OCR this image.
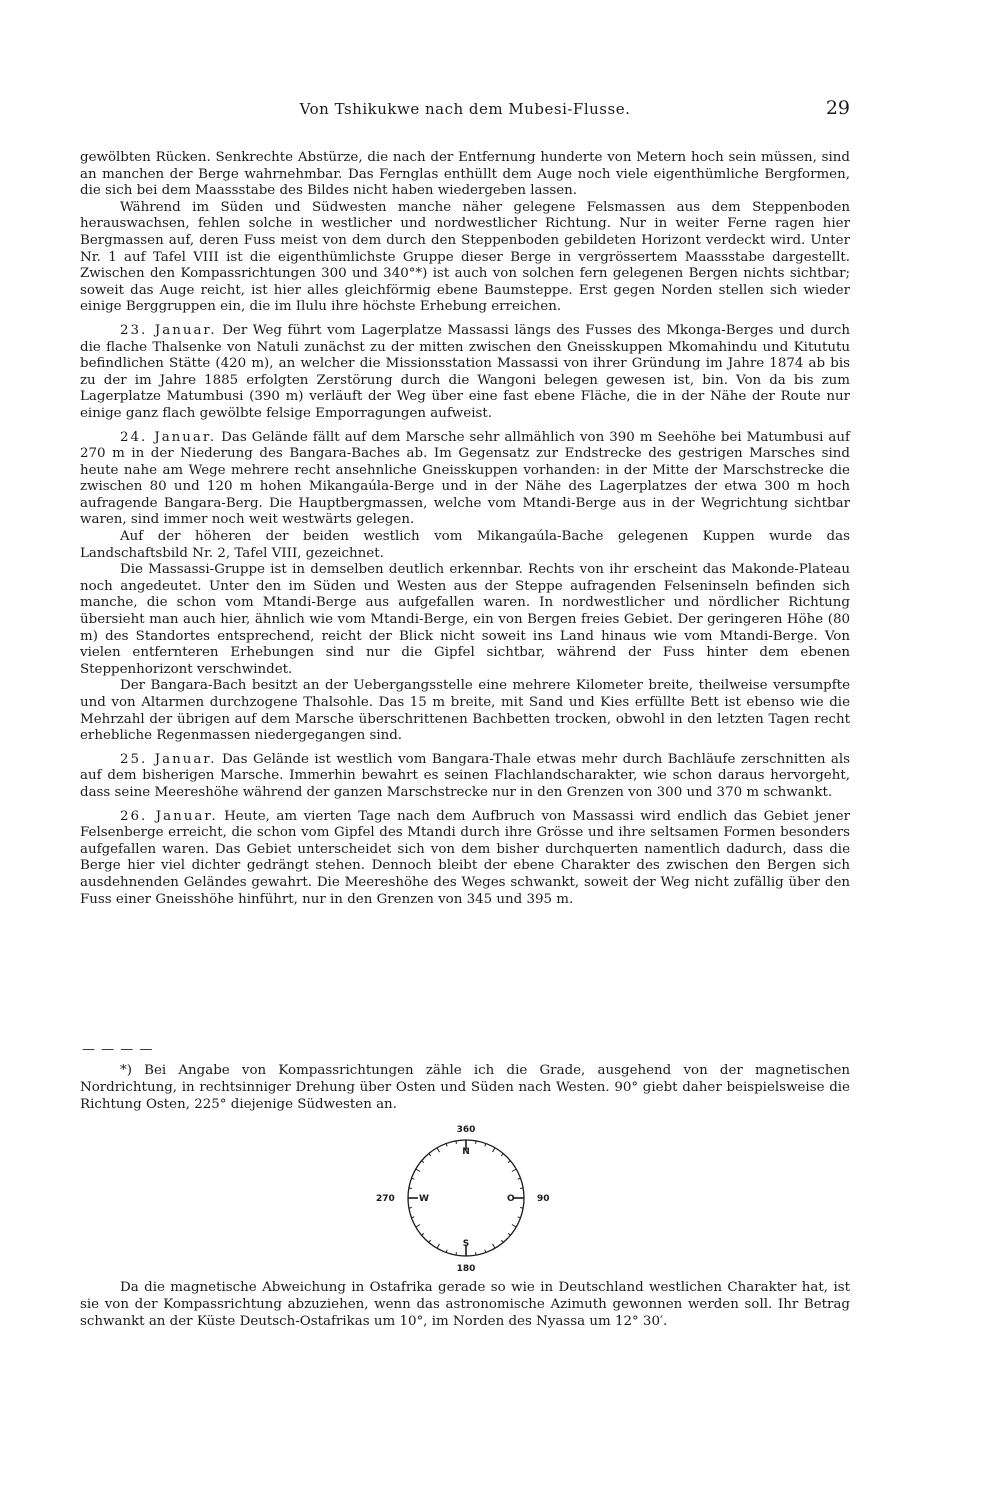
Von Tshikukwe nach dem Mubesi-Flusse.	29

gewölbten Rücken. Senkrechte Abstürze, die nach der Entfernung hunderte von Metern hoch sein müssen, sind an manchen der Berge wahrnehmbar. Das Fernglas enthüllt dem Auge noch viele eigenthümliche Bergformen, die sich bei dem Maassstabe des Bildes nicht haben wiedergeben lassen.

Während im Süden und Südwesten manche näher gelegene Felsmassen aus dem Steppenboden herauswachsen, fehlen solche in westlicher und nordwestlicher Richtung. Nur in weiter Ferne ragen hier Bergmassen auf, deren Fuss meist von dem durch den Steppenboden gebildeten Horizont verdeckt wird. Unter Nr. 1 auf Tafel VIII ist die eigenthümlichste Gruppe dieser Berge in vergrössertem Maassstabe dargestellt. Zwischen den Kompassrichtungen 300 und 340°*) ist auch von solchen fern gelegenen Bergen nichts sichtbar; soweit das Auge reicht, ist hier alles gleichförmig ebene Baumsteppe. Erst gegen Norden stellen sich wieder einige Berggruppen ein, die im Ilulu ihre höchste Erhebung erreichen.

23. Januar. Der Weg führt vom Lagerplatze Massassi längs des Fusses des Mkonga-Berges und durch die flache Thalsenke von Natuli zunächst zu der mitten zwischen den Gneisskuppen Mkomahindu und Kitututu befindlichen Stätte (420 m), an welcher die Missionsstation Massassi von ihrer Gründung im Jahre 1874 ab bis zu der im Jahre 1885 erfolgten Zerstörung durch die Wangoni belegen gewesen ist, bin. Von da bis zum Lagerplatze Matumbusi (390 m) verläuft der Weg über eine fast ebene Fläche, die in der Nähe der Route nur einige ganz flach gewölbte felsige Emporragungen aufweist.

24. Januar. Das Gelände fällt auf dem Marsche sehr allmählich von 390 m Seehöhe bei Matumbusi auf 270 m in der Niederung des Bangara-Baches ab. Im Gegensatz zur Endstrecke des gestrigen Marsches sind heute nahe am Wege mehrere recht ansehnliche Gneisskuppen vorhanden: in der Mitte der Marschstrecke die zwischen 80 und 120 m hohen Mikangaúla-Berge und in der Nähe des Lagerplatzes der etwa 300 m hoch aufragende Bangara-Berg. Die Hauptbergmassen, welche vom Mtandi-Berge aus in der Wegrichtung sichtbar waren, sind immer noch weit westwärts gelegen.

Auf der höheren der beiden westlich vom Mikangaúla-Bache gelegenen Kuppen wurde das Landschaftsbild Nr. 2, Tafel VIII, gezeichnet.

Die Massassi-Gruppe ist in demselben deutlich erkennbar. Rechts von ihr erscheint das Makonde-Plateau noch angedeutet. Unter den im Süden und Westen aus der Steppe aufragenden Felseninseln befinden sich manche, die schon vom Mtandi-Berge aus aufgefallen waren. In nordwestlicher und nördlicher Richtung übersieht man auch hier, ähnlich wie vom Mtandi-Berge, ein von Bergen freies Gebiet. Der geringeren Höhe (80 m) des Standortes entsprechend, reicht der Blick nicht soweit ins Land hinaus wie vom Mtandi-Berge. Von vielen entfernteren Erhebungen sind nur die Gipfel sichtbar, während der Fuss hinter dem ebenen Steppenhorizont verschwindet.

Der Bangara-Bach besitzt an der Uebergangsstelle eine mehrere Kilometer breite, theilweise versumpfte und von Altarmen durchzogene Thalsohle. Das 15 m breite, mit Sand und Kies erfüllte Bett ist ebenso wie die Mehrzahl der übrigen auf dem Marsche überschrittenen Bachbetten trocken, obwohl in den letzten Tagen recht erhebliche Regenmassen niedergegangen sind.

25. Januar. Das Gelände ist westlich vom Bangara-Thale etwas mehr durch Bachläufe zerschnitten als auf dem bisherigen Marsche. Immerhin bewahrt es seinen Flachlandscharakter, wie schon daraus hervorgeht, dass seine Meereshöhe während der ganzen Marschstrecke nur in den Grenzen von 300 und 370 m schwankt.

26. Januar. Heute, am vierten Tage nach dem Aufbruch von Massassi wird endlich das Gebiet jener Felsenberge erreicht, die schon vom Gipfel des Mtandi durch ihre Grösse und ihre seltsamen Formen besonders aufgefallen waren. Das Gebiet unterscheidet sich von dem bisher durchquerten namentlich dadurch, dass die Berge hier viel dichter gedrängt stehen. Dennoch bleibt der ebene Charakter des zwischen den Bergen sich ausdehnenden Geländes gewahrt. Die Meereshöhe des Weges schwankt, soweit der Weg nicht zufällig über den Fuss einer Gneisshöhe hinführt, nur in den Grenzen von 345 und 395 m.

— — — —

*) Bei Angabe von Kompassrichtungen zähle ich die Grade, ausgehend von der magnetischen Nordrichtung, in rechtsinniger Drehung über Osten und Süden nach Westen. 90° giebt daher beispielsweise die Richtung Osten, 225° diejenige Südwesten an.

360
180
270	90
N
S
W	O

Da die magnetische Abweichung in Ostafrika gerade so wie in Deutschland westlichen Charakter hat, ist sie von der Kompassrichtung abzuziehen, wenn das astronomische Azimuth gewonnen werden soll. Ihr Betrag schwankt an der Küste Deutsch-Ostafrikas um 10°, im Norden des Nyassa um 12° 30′.
